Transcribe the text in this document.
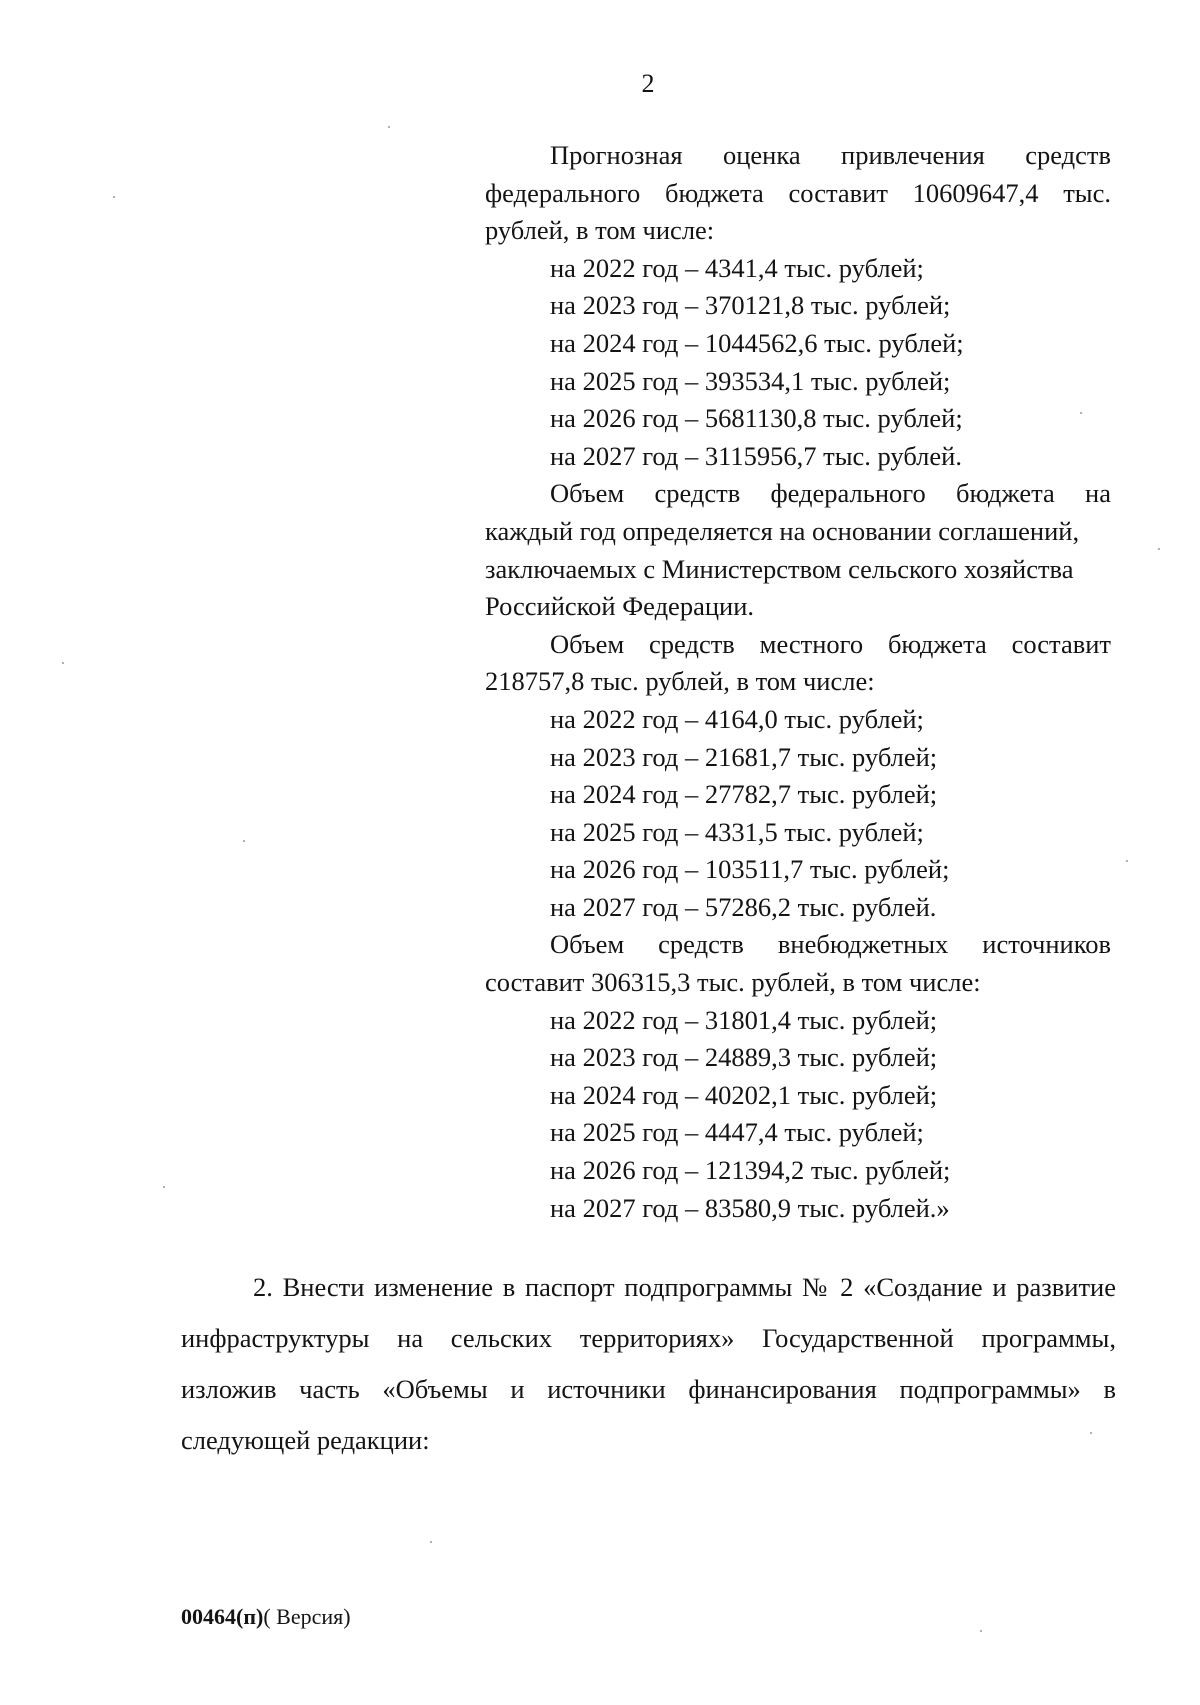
2
Прогнозная оценка привлечения средств
федерального бюджета составит 10609647,4 тыс.
рублей, в том числе:
на 2022 год – 4341,4 тыс. рублей;
на 2023 год – 370121,8 тыс. рублей;
на 2024 год – 1044562,6 тыс. рублей;
на 2025 год – 393534,1 тыс. рублей;
на 2026 год – 5681130,8 тыс. рублей;
на 2027 год – 3115956,7 тыс. рублей.
Объем средств федерального бюджета на
каждый год определяется на основании соглашений,
заключаемых с Министерством сельского хозяйства
Российской Федерации.
Объем средств местного бюджета составит
218757,8 тыс. рублей, в том числе:
на 2022 год – 4164,0 тыс. рублей;
на 2023 год – 21681,7 тыс. рублей;
на 2024 год – 27782,7 тыс. рублей;
на 2025 год – 4331,5 тыс. рублей;
на 2026 год – 103511,7 тыс. рублей;
на 2027 год – 57286,2 тыс. рублей.
Объем средств внебюджетных источников
составит 306315,3 тыс. рублей, в том числе:
на 2022 год – 31801,4 тыс. рублей;
на 2023 год – 24889,3 тыс. рублей;
на 2024 год – 40202,1 тыс. рублей;
на 2025 год – 4447,4 тыс. рублей;
на 2026 год – 121394,2 тыс. рублей;
на 2027 год – 83580,9 тыс. рублей.»
2. Внести изменение в паспорт подпрограммы № 2 «Создание и развитие
инфраструктуры на сельских территориях» Государственной программы,
изложив часть «Объемы и источники финансирования подпрограммы» в
следующей редакции:
00464(п)( Версия)
